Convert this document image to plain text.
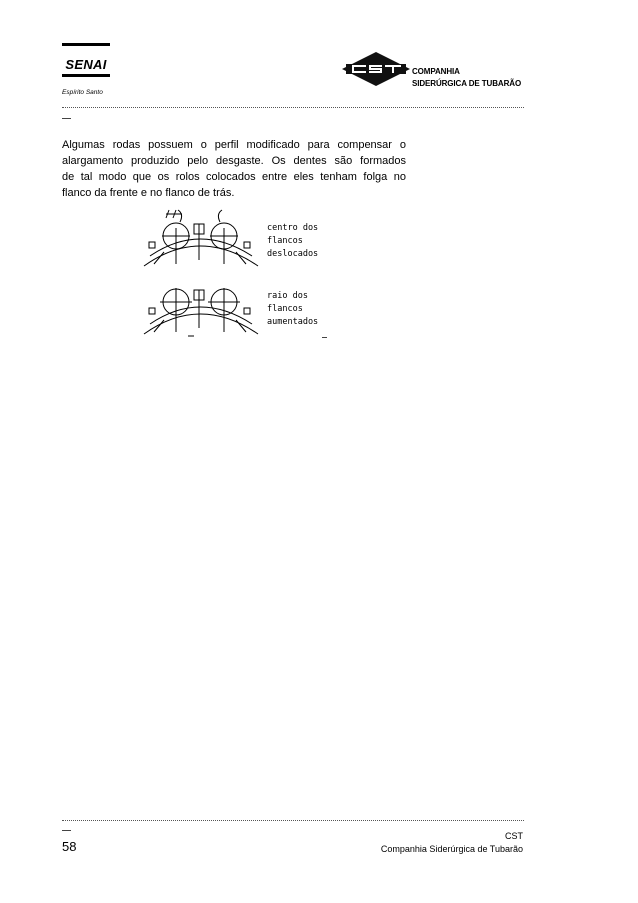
SENAI
Espírito Santo
CST
COMPANHIA
SIDERÚRGICA DE TUBARÃO
Algumas rodas possuem o perfil modificado para compensar o
alargamento produzido pelo desgaste. Os dentes são formados
de tal modo que os rolos colocados entre eles tenham folga no
flanco da frente e no flanco de trás.
centro dos
flancos
deslocados
raio dos
flancos
aumentados
58
CST
Companhia Siderúrgica de Tubarão
